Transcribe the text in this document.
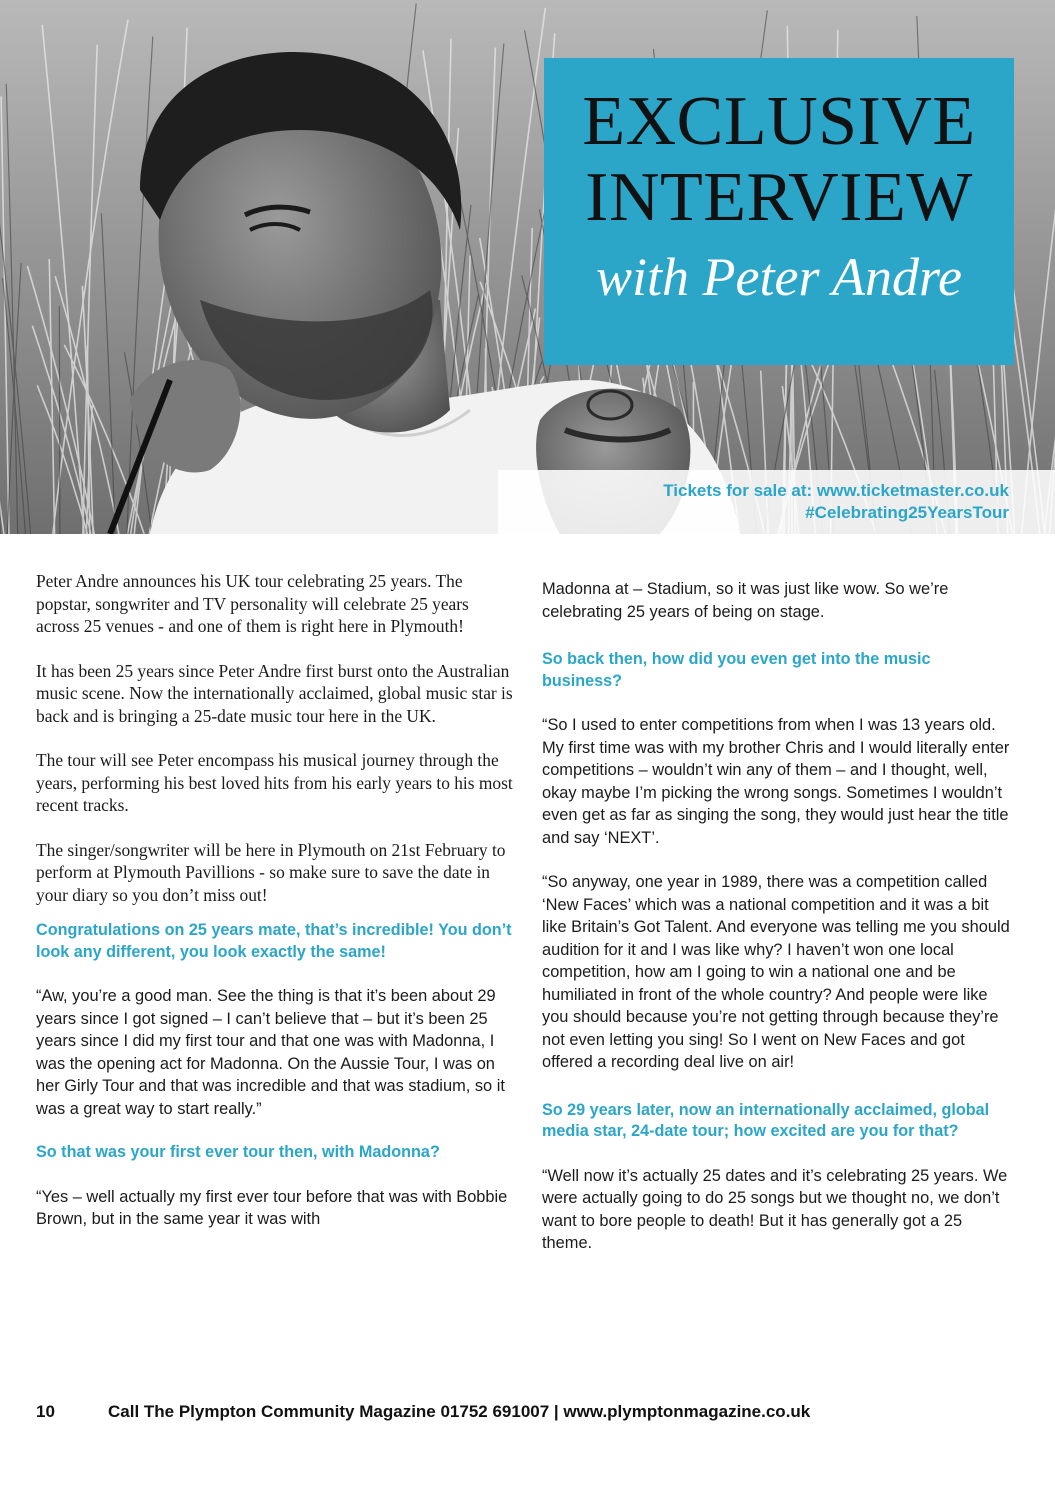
EXCLUSIVE
INTERVIEW
with Peter Andre
Tickets for sale at: www.ticketmaster.co.uk
#Celebrating25YearsTour

Peter Andre announces his UK tour celebrating 25 years. The popstar, songwriter and TV personality will celebrate 25 years across 25 venues - and one of them is right here in Plymouth!

It has been 25 years since Peter Andre first burst onto the Australian music scene. Now the internationally acclaimed, global music star is back and is bringing a 25-date music tour here in the UK.

The tour will see Peter encompass his musical journey through the years, performing his best loved hits from his early years to his most recent tracks.

The singer/songwriter will be here in Plymouth on 21st February to perform at Plymouth Pavillions - so make sure to save the date in your diary so you don’t miss out!

Congratulations on 25 years mate, that’s incredible! You don’t look any different, you look exactly the same!

“Aw, you’re a good man. See the thing is that it’s been about 29 years since I got signed – I can’t believe that – but it’s been 25 years since I did my first tour and that one was with Madonna, I was the opening act for Madonna. On the Aussie Tour, I was on her Girly Tour and that was incredible and that was stadium, so it was a great way to start really.”

So that was your first ever tour then, with Madonna?

“Yes – well actually my first ever tour before that was with Bobbie Brown, but in the same year it was with

Madonna at – Stadium, so it was just like wow. So we’re celebrating 25 years of being on stage.

So back then, how did you even get into the music business?

“So I used to enter competitions from when I was 13 years old. My first time was with my brother Chris and I would literally enter competitions – wouldn’t win any of them – and I thought, well, okay maybe I’m picking the wrong songs. Sometimes I wouldn’t even get as far as singing the song, they would just hear the title and say ‘NEXT’.

“So anyway, one year in 1989, there was a competition called ‘New Faces’ which was a national competition and it was a bit like Britain’s Got Talent. And everyone was telling me you should audition for it and I was like why? I haven’t won one local competition, how am I going to win a national one and be humiliated in front of the whole country? And people were like you should because you’re not getting through because they’re not even letting you sing! So I went on New Faces and got offered a recording deal live on air!

So 29 years later, now an internationally acclaimed, global media star, 24-date tour; how excited are you for that?

“Well now it’s actually 25 dates and it’s celebrating 25 years. We were actually going to do 25 songs but we thought no, we don’t want to bore people to death! But it has generally got a 25 theme.

10	Call The Plympton Community Magazine 01752 691007 | www.plymptonmagazine.co.uk
